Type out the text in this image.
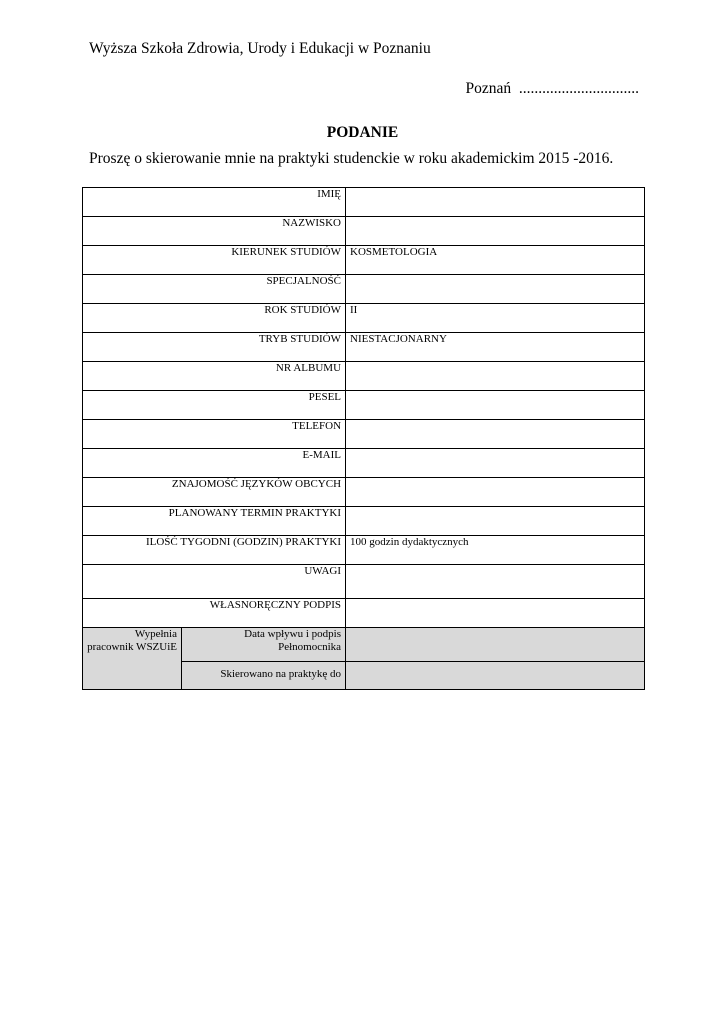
Wyższa Szkoła Zdrowia, Urody i Edukacji w Poznaniu
Poznań  ...............................
PODANIE
Proszę o skierowanie mnie na praktyki studenckie w roku akademickim 2015 -2016.
IMIĘ		
NAZWISKO		
KIERUNEK STUDIÓW		KOSMETOLOGIA
SPECJALNOŚĆ		
ROK STUDIÓW		II
TRYB STUDIÓW		NIESTACJONARNY
NR ALBUMU		
PESEL		
TELEFON		
E-MAIL		
ZNAJOMOŚĆ JĘZYKÓW OBCYCH		
PLANOWANY TERMIN PRAKTYKI		
ILOŚĆ TYGODNI (GODZIN) PRAKTYKI		100 godzin dydaktycznych
UWAGI		
WŁASNORĘCZNY PODPIS		
Wypełnia pracownik WSZUiE	Data wpływu i podpis Pełnomocnika	
	Skierowano na praktykę do	
